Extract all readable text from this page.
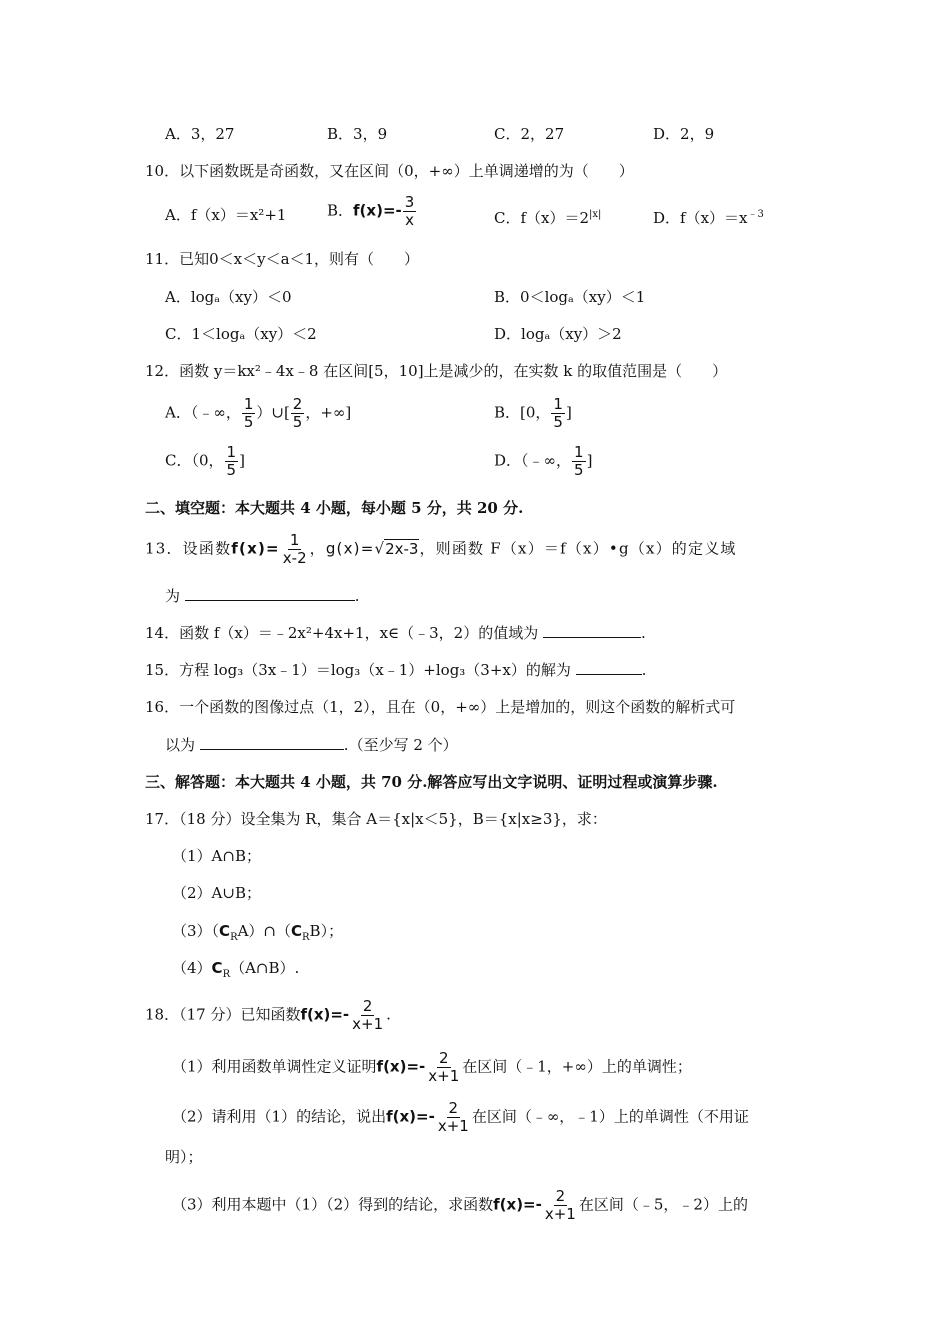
A．3，27	B．3，9	C．2，27	D．2，9
10．以下函数既是奇函数，又在区间（0，+∞）上单调递增的为（　　）
A．f（x）＝x²+1	B．$f(x)=- \frac{3}{x}$	C．$f(x)=2^{|x|}$	D．$f(x)=x^{﹣3}$
11．已知0＜x＜y＜a＜1，则有（　　）
A．logₐ（xy）＜0	B．0＜logₐ（xy）＜1
C．1＜logₐ（xy）＜2	D．logₐ（xy）＞2
12．函数 y＝kx²﹣4x﹣8 在区间[5，10]上是减少的，在实数 k 的取值范围是（　　）
A．（﹣∞， $\frac{1}{5}$ ）∪[ $\frac{2}{5}$ ，+∞]	B．[0， $\frac{1}{5}$ ]
C．（0， $\frac{1}{5}$ ]	D．（﹣∞， $\frac{1}{5}$ ]
二、填空题：本大题共 4 小题，每小题 5 分，共 20 分.
13．设函数$f(x)= \frac{1}{x-2}$ ，g(x)=√2x-3，则函数 F（x）＝f（x）•g（x）的定义域
为	.
14．函数 f（x）＝﹣2x²+4x+1，x∈（﹣3，2）的值域为	.
15．方程 log₃（3x﹣1）＝log₃（x﹣1）+log₃（3+x）的解为	.
16．一个函数的图像过点（1，2），且在（0，+∞）上是增加的，则这个函数的解析式可
以为	.（至少写 2 个）
三、解答题：本大题共 4 小题，共 70 分.解答应写出文字说明、证明过程或演算步骤.
17．（18 分）设全集为 R，集合 A＝{x|x＜5}，B＝{x|x≥3}，求：
（1）A∩B；
（2）A∪B；
$(3)(C_RA)\cap(C_RB)$；
$(4)C_R(A\cap B)$.
18．（17 分）已知函数$f(x)=- \frac{2}{x+1}$ .
（1）利用函数单调性定义证明$f(x)=- \frac{2}{x+1}$ 在区间（﹣1，+∞）上的单调性；
（2）请利用（1）的结论，说出$f(x)=- \frac{2}{x+1}$ 在区间（﹣∞，﹣1）上的单调性（不用证
明）；
（3）利用本题中（1）（2）得到的结论，求函数$f(x)=- \frac{2}{x+1}$ 在区间（﹣5，﹣2）上的
